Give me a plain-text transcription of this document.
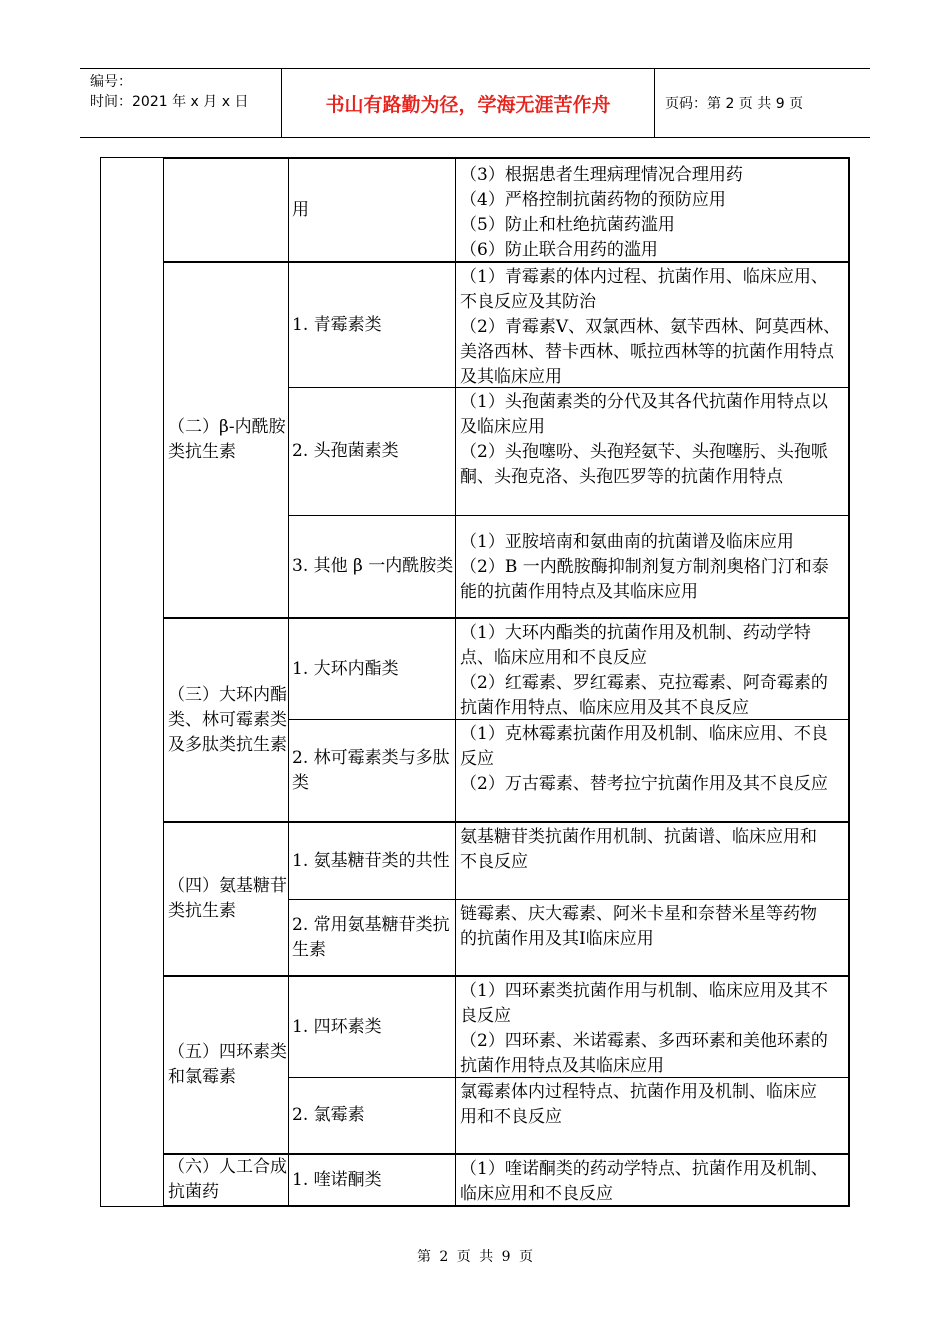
编号：
时间：2021 年 x 月 x 日	书山有路勤为径，学海无涯苦作舟	页码：第 2 页 共 9 页
用

（3）根据患者生理病理情况合理用药

（4）严格控制抗菌药物的预防应用

（5）防止和杜绝抗菌药滥用

（6）防止联合用药的滥用

（二）β-内酰胺类抗生素
1. 青霉素类

（1）青霉素的体内过程、抗菌作用、临床应用、不良反应及其防治

（2）青霉素Ⅴ、双氯西林、氨苄西林、阿莫西林、美洛西林、替卡西林、哌拉西林等的抗菌作用特点及其临床应用

2. 头孢菌素类

（1）头孢菌素类的分代及其各代抗菌作用特点以及临床应用

（2）头孢噻吩、头孢羟氨苄、头孢噻肟、头孢哌酮、头孢克洛、头孢匹罗等的抗菌作用特点

3. 其他 β 一内酰胺类

（1）亚胺培南和氨曲南的抗菌谱及临床应用

（2）Β 一内酰胺酶抑制剂复方制剂奥格门汀和泰能的抗菌作用特点及其临床应用

（三）大环内酯类、林可霉素类及多肽类抗生素
1. 大环内酯类

（1）大环内酯类的抗菌作用及机制、药动学特点、临床应用和不良反应

（2）红霉素、罗红霉素、克拉霉素、阿奇霉素的抗菌作用特点、临床应用及其不良反应

2. 林可霉素类与多肽类

（1）克林霉素抗菌作用及机制、临床应用、不良反应

（2）万古霉素、替考拉宁抗菌作用及其不良反应

（四）氨基糖苷类抗生素
1. 氨基糖苷类的共性

氨基糖苷类抗菌作用机制、抗菌谱、临床应用和

不良反应

2. 常用氨基糖苷类抗生素

链霉素、庆大霉素、阿米卡星和奈替米星等药物

的抗菌作用及其Ⅰ临床应用

（五）四环素类和氯霉素
1. 四环素类

（1）四环素类抗菌作用与机制、临床应用及其不良反应

（2）四环素、米诺霉素、多西环素和美他环素的抗菌作用特点及其临床应用

2. 氯霉素

氯霉素体内过程特点、抗菌作用及机制、临床应

用和不良反应

（六）人工合成抗菌药
1. 喹诺酮类

（1）喹诺酮类的药动学特点、抗菌作用及机制、临床应用和不良反应

第 2 页 共 9 页
